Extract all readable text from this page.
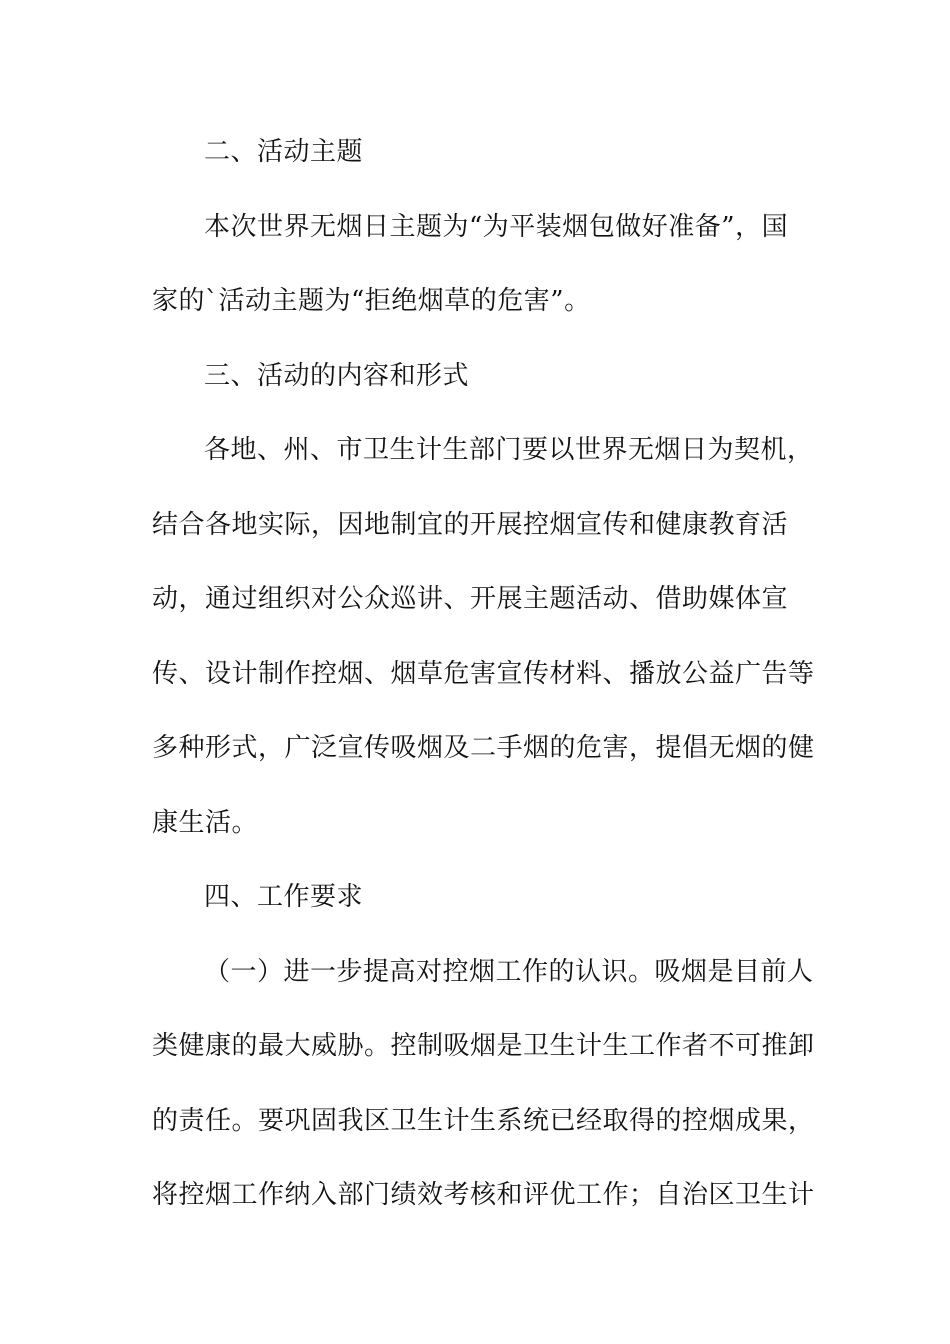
二、活动主题
本次世界无烟日主题为“为平装烟包做好准备”，国
家的`活动主题为“拒绝烟草的危害”。
三、活动的内容和形式
各地、州、市卫生计生部门要以世界无烟日为契机，
结合各地实际，因地制宜的开展控烟宣传和健康教育活
动，通过组织对公众巡讲、开展主题活动、借助媒体宣
传、设计制作控烟、烟草危害宣传材料、播放公益广告等
多种形式，广泛宣传吸烟及二手烟的危害，提倡无烟的健
康生活。
四、工作要求
（一）进一步提高对控烟工作的认识。吸烟是目前人
类健康的最大威胁。控制吸烟是卫生计生工作者不可推卸
的责任。要巩固我区卫生计生系统已经取得的控烟成果，
将控烟工作纳入部门绩效考核和评优工作；自治区卫生计
